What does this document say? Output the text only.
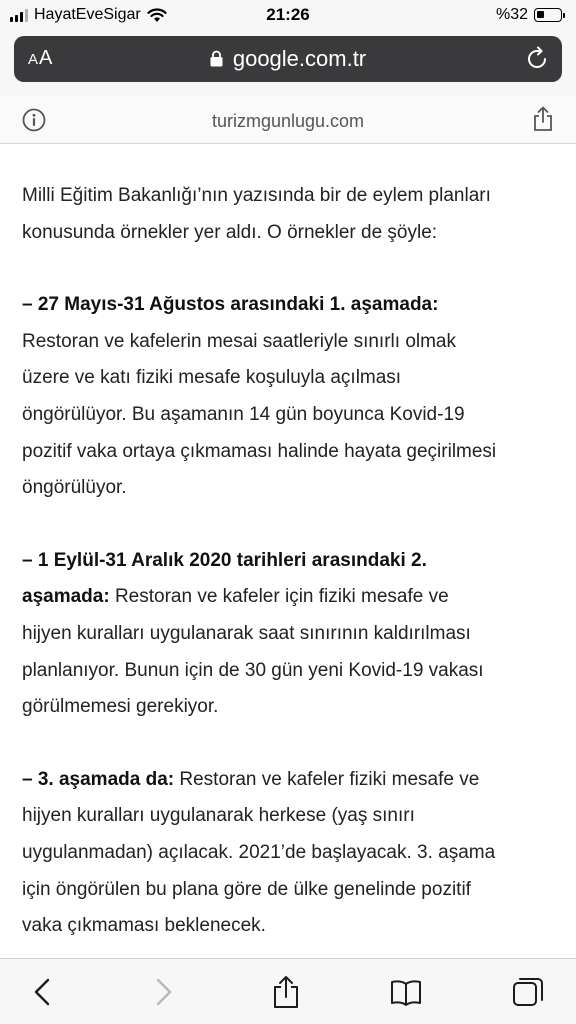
HayatEveSigar	21:26	%32
AA	google.com.tr
turizmgunlugu.com

Milli Eğitim Bakanlığı’nın yazısında bir de eylem planları

konusunda örnekler yer aldı. O örnekler de şöyle:

– 27 Mayıs-31 Ağustos arasındaki 1. aşamada:

Restoran ve kafelerin mesai saatleriyle sınırlı olmak

üzere ve katı fiziki mesafe koşuluyla açılması

öngörülüyor. Bu aşamanın 14 gün boyunca Kovid-19

pozitif vaka ortaya çıkmaması halinde hayata geçirilmesi

öngörülüyor.

– 1 Eylül-31 Aralık 2020 tarihleri arasındaki 2.

aşamada: Restoran ve kafeler için fiziki mesafe ve

hijyen kuralları uygulanarak saat sınırının kaldırılması

planlanıyor. Bunun için de 30 gün yeni Kovid-19 vakası

görülmemesi gerekiyor.

– 3. aşamada da: Restoran ve kafeler fiziki mesafe ve

hijyen kuralları uygulanarak herkese (yaş sınırı

uygulanmadan) açılacak. 2021’de başlayacak. 3. aşama

için öngörülen bu plana göre de ülke genelinde pozitif

vaka çıkmaması beklenecek.
